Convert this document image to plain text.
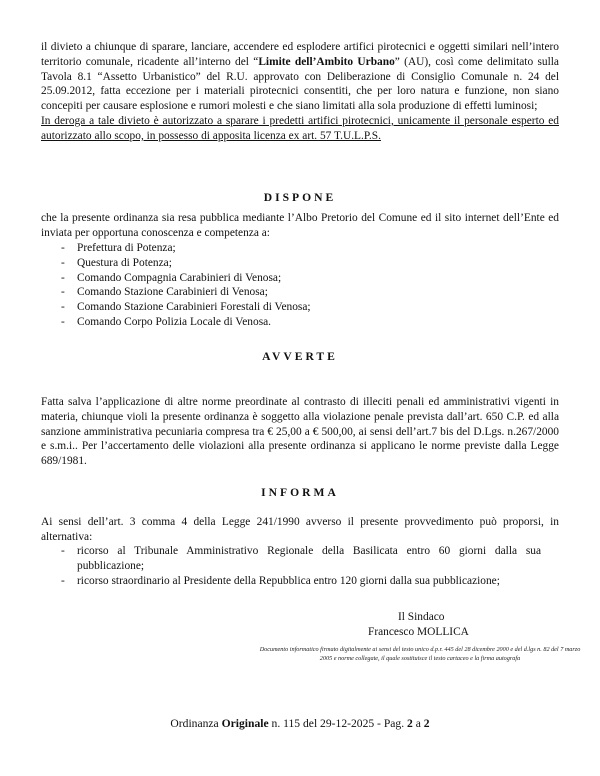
il divieto a chiunque di sparare, lanciare, accendere ed esplodere artifici pirotecnici e oggetti similari nell’intero territorio comunale, ricadente all’interno del “Limite dell’Ambito Urbano” (AU), così come delimitato sulla Tavola 8.1 “Assetto Urbanistico” del R.U. approvato con Deliberazione di Consiglio Comunale n. 24 del 25.09.2012, fatta eccezione per i materiali pirotecnici consentiti, che per loro natura e funzione, non siano concepiti per causare esplosione e rumori molesti e che siano limitati alla sola produzione di effetti luminosi;
In deroga a tale divieto è autorizzato a sparare i predetti artifici pirotecnici, unicamente il personale esperto ed autorizzato allo scopo, in possesso di apposita licenza ex art. 57 T.U.L.P.S.

DISPONE

che la presente ordinanza sia resa pubblica mediante l’Albo Pretorio del Comune ed il sito internet dell’Ente ed inviata per opportuna conoscenza e competenza a:

- Prefettura di Potenza;
- Questura di Potenza;
- Comando Compagnia Carabinieri di Venosa;
- Comando Stazione Carabinieri di Venosa;
- Comando Stazione Carabinieri Forestali di Venosa;
- Comando Corpo Polizia Locale di Venosa.

AVVERTE

Fatta salva l’applicazione di altre norme preordinate al contrasto di illeciti penali ed amministrativi vigenti in materia, chiunque violi la presente ordinanza è soggetto alla violazione penale prevista dall’art. 650 C.P. ed alla sanzione amministrativa pecuniaria compresa tra € 25,00 a € 500,00, ai sensi dell’art.7 bis del D.Lgs. n.267/2000 e s.m.i.. Per l’accertamento delle violazioni alla presente ordinanza si applicano le norme previste dalla Legge 689/1981.

INFORMA

Ai sensi dell’art. 3 comma 4 della Legge 241/1990 avverso il presente provvedimento può proporsi, in alternativa:

- ricorso al Tribunale Amministrativo Regionale della Basilicata entro 60 giorni dalla sua pubblicazione;
- ricorso straordinario al Presidente della Repubblica entro 120 giorni dalla sua pubblicazione;
Il Sindaco
Francesco MOLLICA
Documento informatico firmato digitalmente ai sensi del testo unico d.p.r. 445 del 28 dicembre 2000 e del d.lgs n. 82 del 7 marzo 2005 e norme collegate, il quale sostituisce il testo cartaceo e la firma autografa
Ordinanza Originale n. 115 del 29-12-2025 - Pag. 2 a 2
